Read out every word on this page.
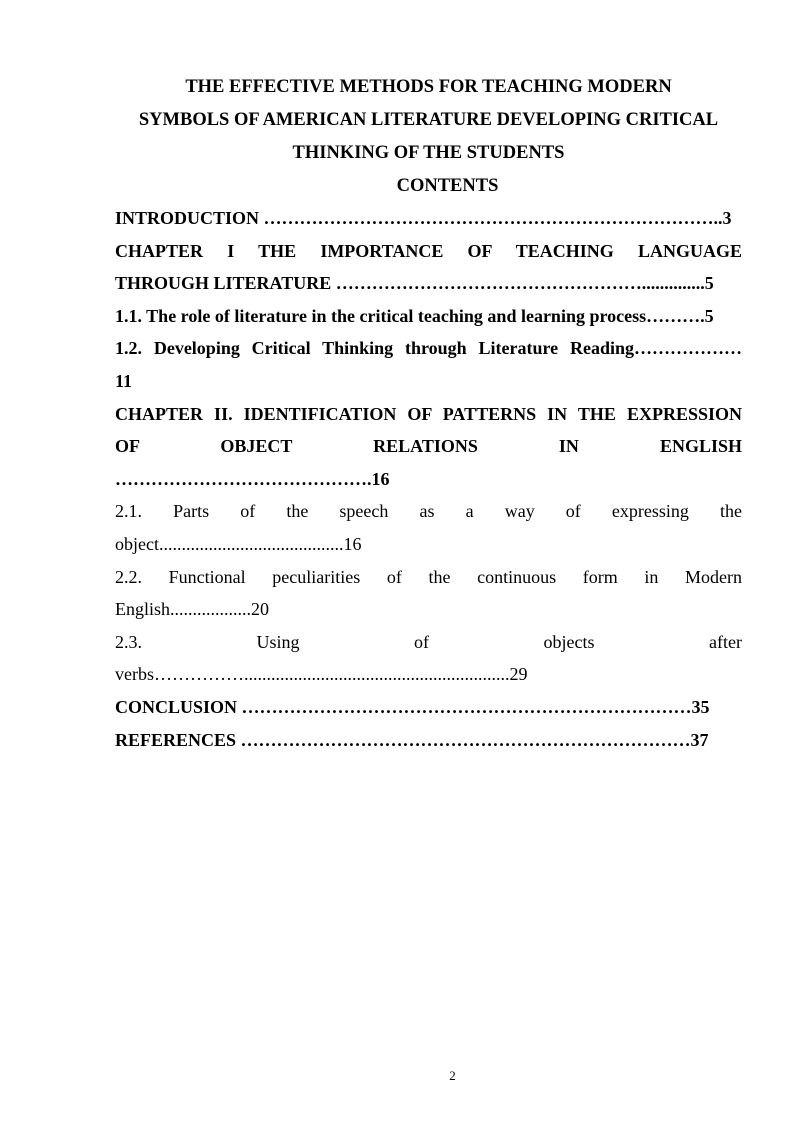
THE EFFECTIVE METHODS FOR TEACHING MODERN
SYMBOLS OF AMERICAN LITERATURE DEVELOPING CRITICAL
THINKING OF THE STUDENTS
CONTENTS
INTRODUCTION …………………………………………………………………..3
CHAPTER I THE IMPORTANCE OF TEACHING LANGUAGE
THROUGH LITERATURE ……………………………………………..............5
1.1. The role of literature in the critical teaching and learning process……….5
1.2. Developing Critical Thinking through Literature Reading………………
11
CHAPTER II. IDENTIFICATION OF PATTERNS IN THE EXPRESSION
OF OBJECT RELATIONS IN ENGLISH
…………………………………….16
2.1. Parts of the speech as a way of expressing the
object.........................................16
2.2. Functional peculiarities of the continuous form in Modern
English..................20
2.3. Using of objects after
verbs……………...........................................................29
CONCLUSION …………………………………………………………………35
REFERENCES …………………………………………………………………37
2
